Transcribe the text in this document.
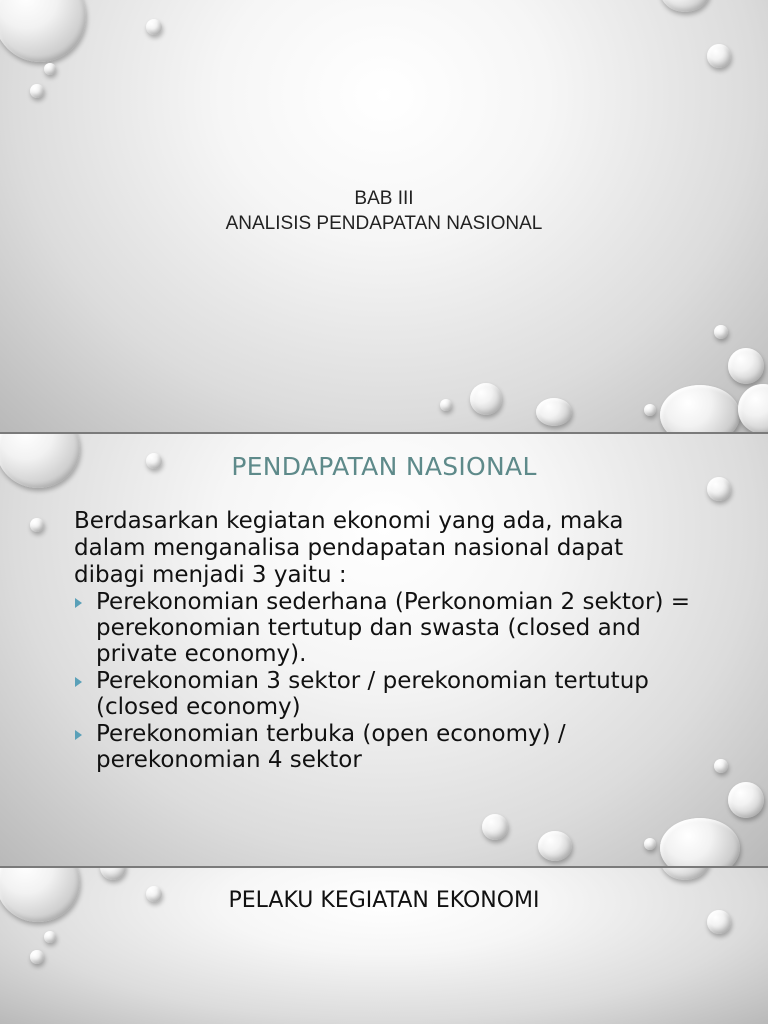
BAB III
ANALISIS PENDAPATAN NASIONAL
PENDAPATAN NASIONAL

Berdasarkan kegiatan ekonomi yang ada, maka

dalam menganalisa pendapatan nasional dapat

dibagi menjadi 3 yaitu :

Perekonomian sederhana (Perkonomian 2 sektor) = perekonomian tertutup dan swasta (closed and private economy).
Perekonomian 3 sektor / perekonomian tertutup (closed economy)
Perekonomian terbuka (open economy) / perekonomian 4 sektor
PELAKU KEGIATAN EKONOMI
